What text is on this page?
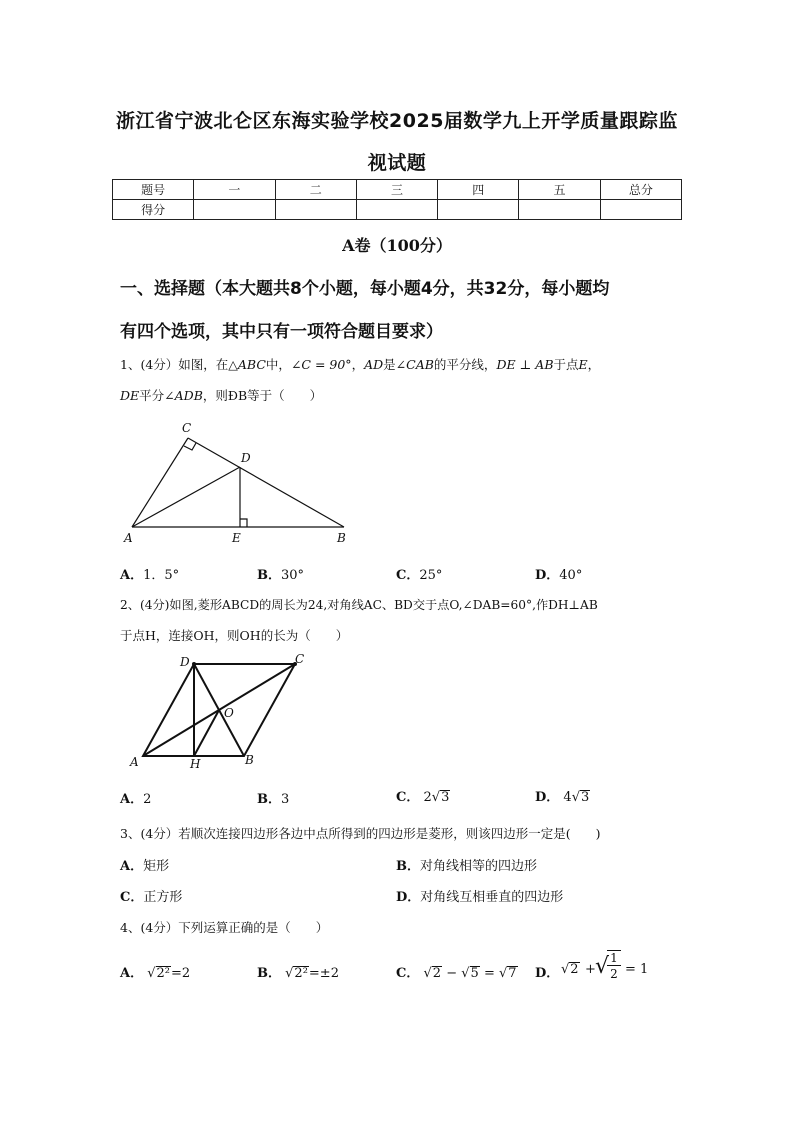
浙江省宁波北仑区东海实验学校2025届数学九上开学质量跟踪监
视试题
题号	一	二	三	四	五	总分
得分						
A卷（100分）
一、选择题（本大题共8个小题，每小题4分，共32分，每小题均
有四个选项，其中只有一项符合题目要求）
1、(4分）如图，在△ABC中，∠C = 90°，AD是∠CAB的平分线，DE ⊥ AB于点E，
DE平分∠ADB，则ÐB等于（　　）
C
D
A	E	B
A．1．5°	B．30°	C．25°	D．40°
2、(4分)如图,菱形ABCD的周长为24,对角线AC、BD交于点O,∠DAB=60°,作DH⊥AB
于点H，连接OH，则OH的长为（　　）
D	C
O
A	H	B
A．2	B．3	C． 2√3	D． 4√3
3、(4分）若顺次连接四边形各边中点所得到的四边形是菱形，则该四边形一定是(　　)
A．矩形	B．对角线相等的四边形
C．正方形	D．对角线互相垂直的四边形
4、(4分）下列运算正确的是（　　）
A． √2²=2	B． √2²=±2	C． √2 − √5 = √7 D． √2 + √ 1
2 = 1
